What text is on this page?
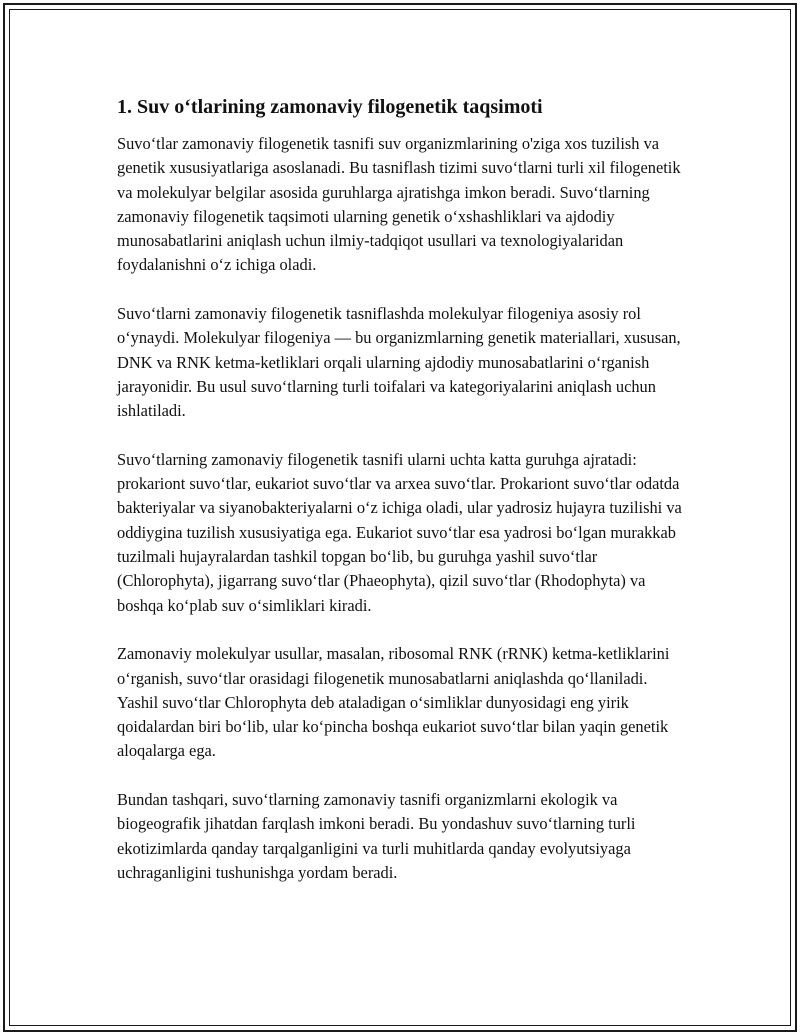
1. Suv o‘tlarining zamonaviy filogenetik taqsimoti

Suvo‘tlar zamonaviy filogenetik tasnifi suv organizmlarining o'ziga xos tuzilish va genetik xususiyatlariga asoslanadi. Bu tasniflash tizimi suvo‘tlarni turli xil filogenetik va molekulyar belgilar asosida guruhlarga ajratishga imkon beradi. Suvo‘tlarning zamonaviy filogenetik taqsimoti ularning genetik o‘xshashliklari va ajdodiy munosabatlarini aniqlash uchun ilmiy-tadqiqot usullari va texnologiyalaridan foydalanishni o‘z ichiga oladi.

Suvo‘tlarni zamonaviy filogenetik tasniflashda molekulyar filogeniya asosiy rol o‘ynaydi. Molekulyar filogeniya — bu organizmlarning genetik materiallari, xususan, DNK va RNK ketma-ketliklari orqali ularning ajdodiy munosabatlarini o‘rganish jarayonidir. Bu usul suvo‘tlarning turli toifalari va kategoriyalarini aniqlash uchun ishlatiladi.

Suvo‘tlarning zamonaviy filogenetik tasnifi ularni uchta katta guruhga ajratadi: prokariont suvo‘tlar, eukariot suvo‘tlar va arxea suvo‘tlar. Prokariont suvo‘tlar odatda bakteriyalar va siyanobakteriyalarni o‘z ichiga oladi, ular yadrosiz hujayra tuzilishi va oddiygina tuzilish xususiyatiga ega. Eukariot suvo‘tlar esa yadrosi bo‘lgan murakkab tuzilmali hujayralardan tashkil topgan bo‘lib, bu guruhga yashil suvo‘tlar (Chlorophyta), jigarrang suvo‘tlar (Phaeophyta), qizil suvo‘tlar (Rhodophyta) va boshqa ko‘plab suv o‘simliklari kiradi.

Zamonaviy molekulyar usullar, masalan, ribosomal RNK (rRNK) ketma-ketliklarini o‘rganish, suvo‘tlar orasidagi filogenetik munosabatlarni aniqlashda qo‘llaniladi. Yashil suvo‘tlar Chlorophyta deb ataladigan o‘simliklar dunyosidagi eng yirik qoidalardan biri bo‘lib, ular ko‘pincha boshqa eukariot suvo‘tlar bilan yaqin genetik aloqalarga ega.

Bundan tashqari, suvo‘tlarning zamonaviy tasnifi organizmlarni ekologik va biogeografik jihatdan farqlash imkoni beradi. Bu yondashuv suvo‘tlarning turli ekotizimlarda qanday tarqalganligini va turli muhitlarda qanday evolyutsiyaga uchraganligini tushunishga yordam beradi.
